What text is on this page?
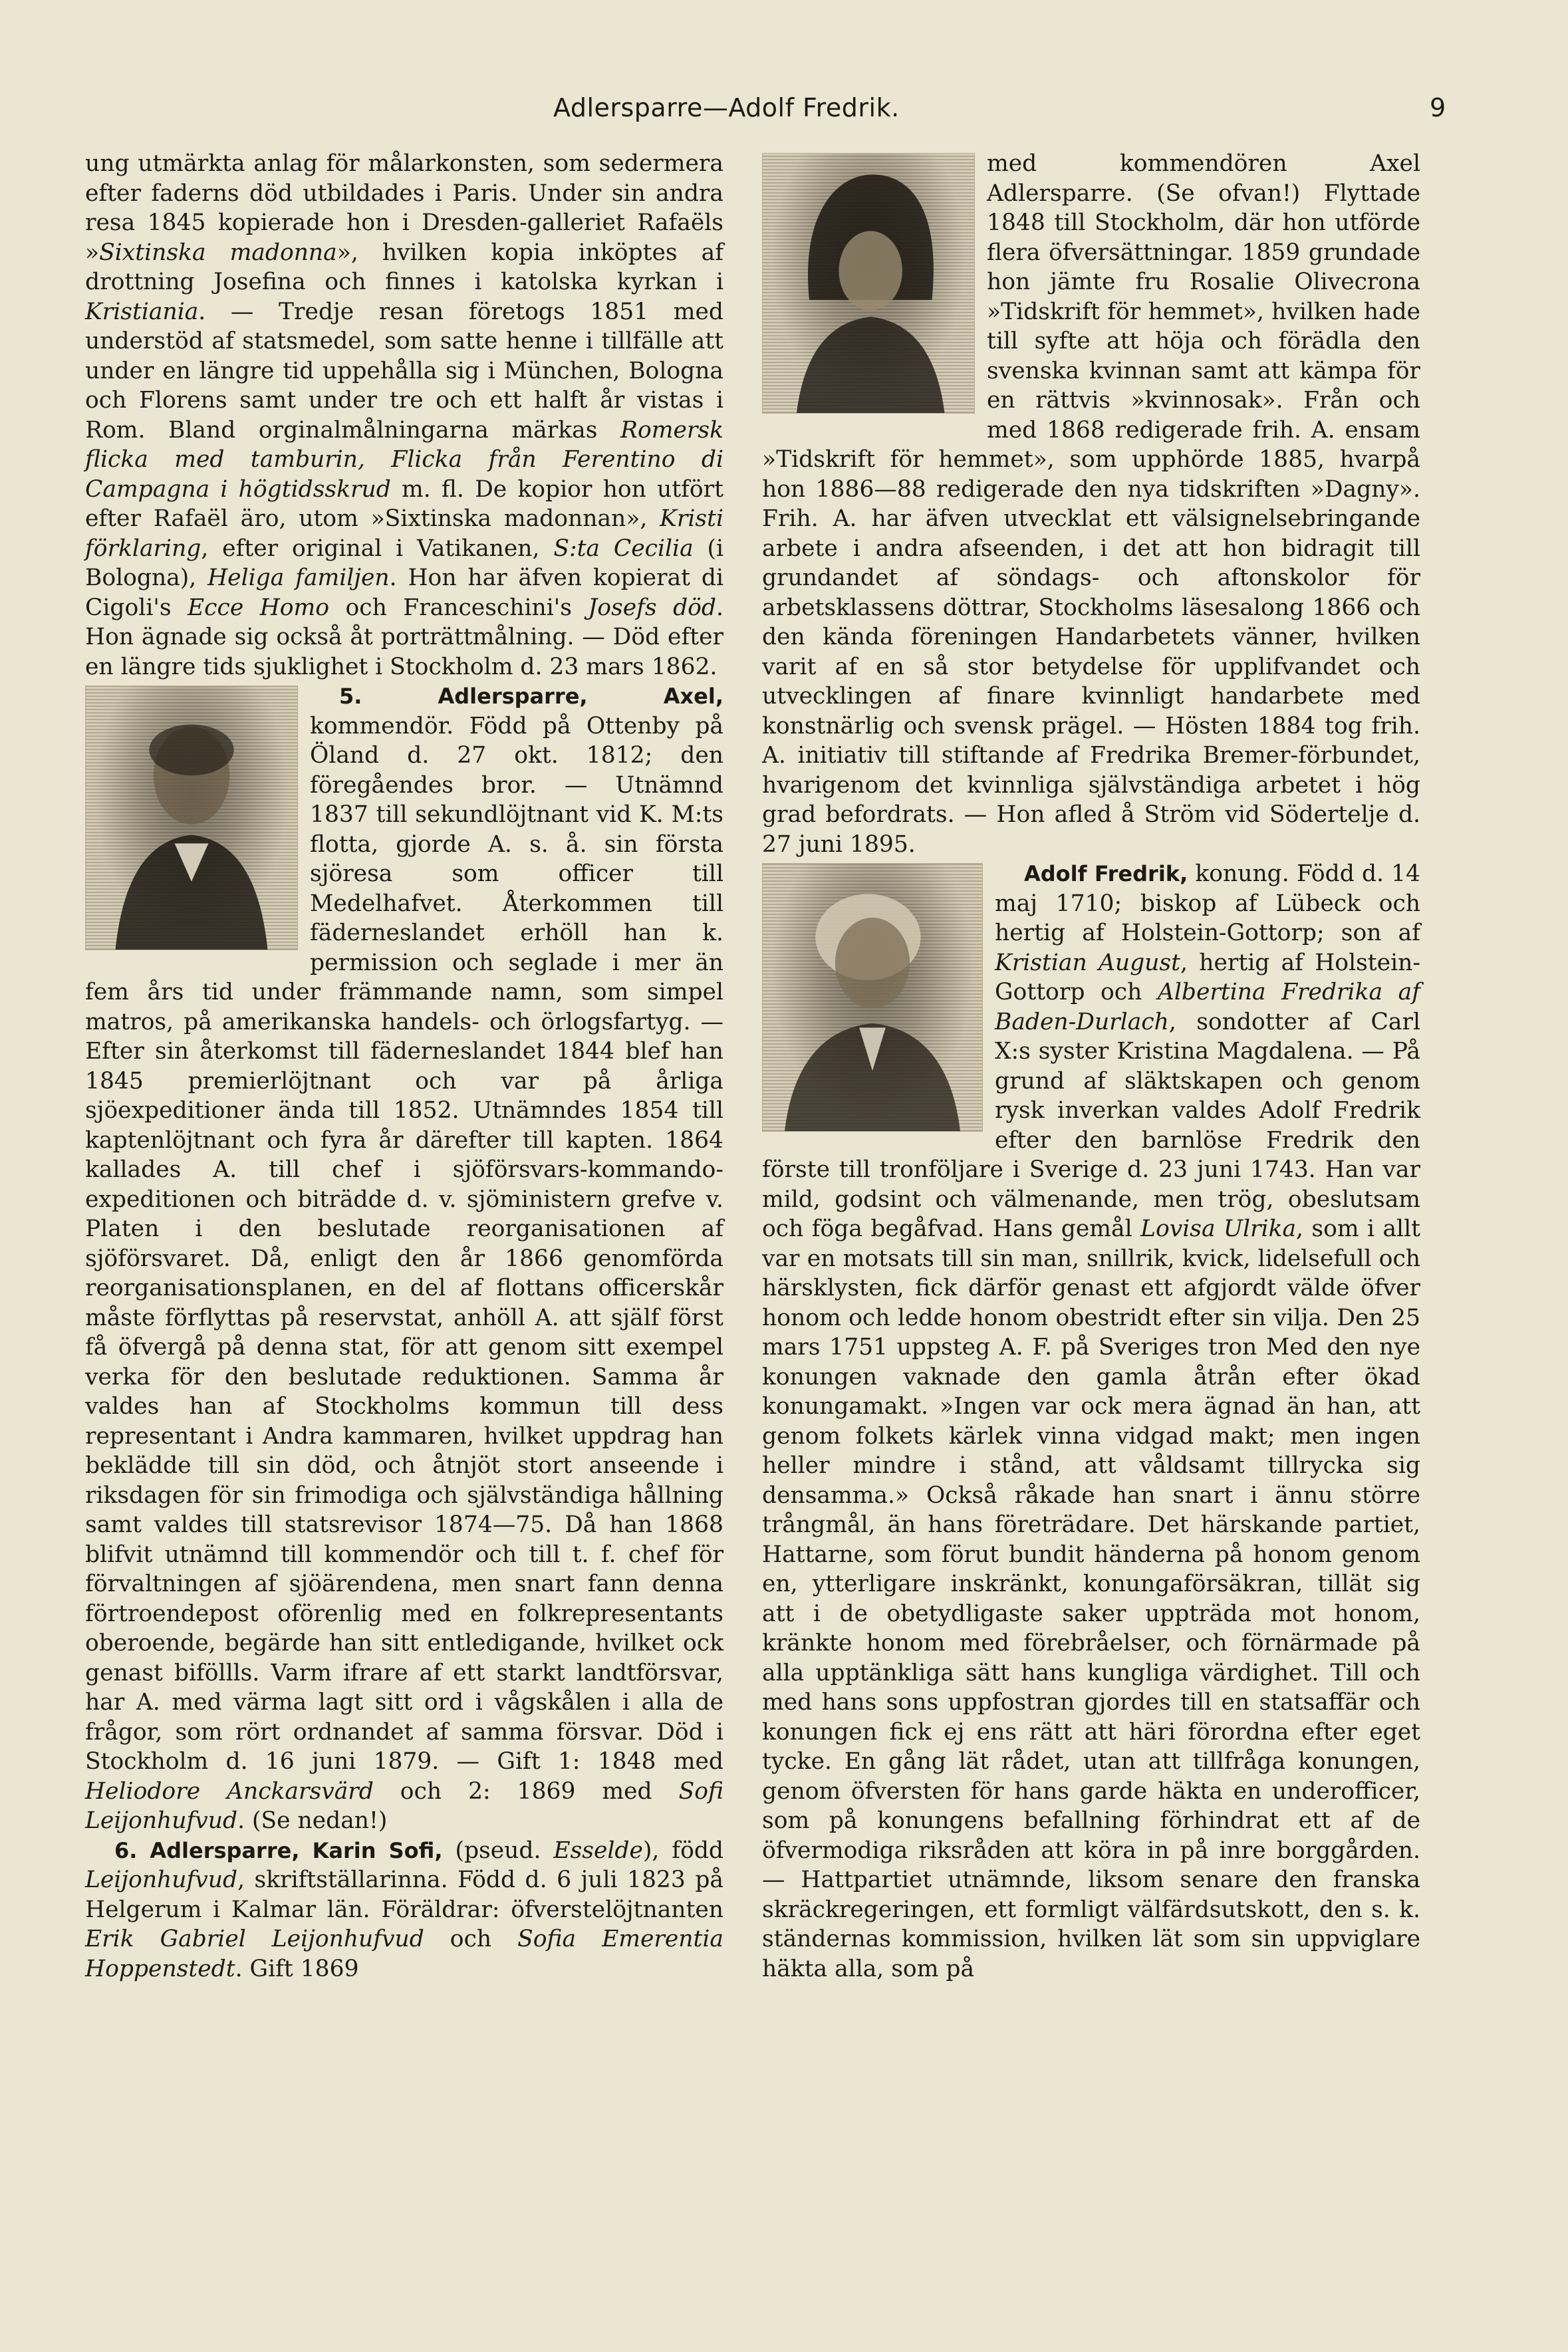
Adlersparre—Adolf Fredrik.	9

ung utmärkta anlag för målarkonsten, som sedermera efter faderns död utbildades i Paris. Under sin andra resa 1845 kopierade hon i Dresden-galleriet Rafaëls »Sixtinska madonna», hvilken kopia inköptes af drottning Josefina och finnes i katolska kyrkan i Kristiania. — Tredje resan företogs 1851 med understöd af statsmedel, som satte henne i tillfälle att under en längre tid uppehålla sig i München, Bologna och Florens samt under tre och ett halft år vistas i Rom. Bland orginalmålningarna märkas Romersk flicka med tamburin, Flicka från Ferentino di Campagna i högtidsskrud m. fl. De kopior hon utfört efter Rafaël äro, utom »Sixtinska madonnan», Kristi förklaring, efter original i Vatikanen, S:ta Cecilia (i Bologna), Heliga familjen. Hon har äfven kopierat di Cigoli's Ecce Homo och Franceschini's Josefs död. Hon ägnade sig också åt porträttmålning. — Död efter en längre tids sjuklighet i Stockholm d. 23 mars 1862.

5.	Adlersparre, Axel,
kommendör. Född på Ottenby på Öland d. 27 okt. 1812; den föregåendes bror. — Utnämnd 1837 till sekundlöjtnant vid K. M:ts flotta, gjorde A. s. å. sin första sjöresa som officer till Medelhafvet. Återkommen till fäderneslandet erhöll han k. permission och seglade i mer än fem års tid under främmande namn, som simpel matros, på amerikanska handels- och örlogsfartyg. — Efter sin återkomst till fäderneslandet 1844 blef han 1845 premierlöjtnant och var på årliga sjöexpeditioner ända till 1852. Utnämndes 1854 till kaptenlöjtnant och fyra år därefter till kapten. 1864 kallades A. till chef i sjöförsvars-kommando-expeditionen och biträdde d. v. sjöministern grefve v. Platen i den beslutade reorganisationen af sjöförsvaret. Då, enligt den år 1866 genomförda reorganisationsplanen, en del af flottans officerskår måste förflyttas på reservstat, anhöll A. att själf först få öfvergå på denna stat, för att genom sitt exempel verka för den beslutade reduktionen. Samma år valdes han af Stockholms kommun till dess representant i Andra kammaren, hvilket uppdrag han beklädde till sin död, och åtnjöt stort anseende i riksdagen för sin frimodiga och självständiga hållning samt valdes till statsrevisor 1874—75. Då han 1868 blifvit utnämnd till kommendör och till t. f. chef för förvaltningen af sjöärendena, men snart fann denna förtroendepost oförenlig med en folkrepresentants oberoende, begärde han sitt entledigande, hvilket ock genast biföllls. Varm ifrare af ett starkt landtförsvar, har A. med värma lagt sitt ord i vågskålen i alla de frågor, som rört ordnandet af samma försvar. Död i Stockholm d. 16 juni 1879. — Gift 1: 1848 med Heliodore Anckarsvärd och 2: 1869 med Sofi Leijonhufvud. (Se nedan!)

6. Adlersparre, Karin Sofi, (pseud. Esselde), född Leijonhufvud, skriftställarinna. Född d. 6 juli 1823 på Helgerum i Kalmar län. Föräldrar: öfverstelöjtnanten Erik Gabriel Leijonhufvud och Sofia Emerentia Hoppenstedt. Gift 1869

med kommendören Axel Adlersparre. (Se ofvan!) Flyttade 1848 till Stockholm, där hon utförde flera öfversättningar. 1859 grundade hon jämte fru Rosalie Olivecrona »Tidskrift för hemmet», hvilken hade till syfte att höja och förädla den svenska kvinnan samt att kämpa för en rättvis »kvinnosak». Från och med 1868 redigerade frih. A. ensam »Tidskrift för hemmet», som upphörde 1885, hvarpå hon 1886—88 redigerade den nya tidskriften »Dagny». Frih. A. har äfven utvecklat ett välsignelsebringande arbete i andra afseenden, i det att hon bidragit till grundandet af söndags- och aftonskolor för arbetsklassens döttrar, Stockholms läsesalong 1866 och den kända föreningen Handarbetets vänner, hvilken varit af en så stor betydelse för upplifvandet och utvecklingen af finare kvinnligt handarbete med konstnärlig och svensk prägel. — Hösten 1884 tog frih. A. initiativ till stiftande af Fredrika Bremer-förbundet, hvarigenom det kvinnliga självständiga arbetet i hög grad befordrats. — Hon afled å Ström vid Södertelje d. 27 juni 1895.

Adolf Fredrik,
konung. Född d. 14 maj 1710; biskop af Lübeck och hertig af Holstein-Gottorp; son af Kristian August, hertig af Holstein-Gottorp och Albertina Fredrika af Baden-Durlach, sondotter af Carl X:s syster Kristina Magdalena. — På grund af släktskapen och genom rysk inverkan valdes Adolf Fredrik efter den barnlöse Fredrik den förste till tronföljare i Sverige d. 23 juni 1743. Han var mild, godsint och välmenande, men trög, obeslutsam och föga begåfvad. Hans gemål Lovisa Ulrika, som i allt var en motsats till sin man, snillrik, kvick, lidelsefull och härsklysten, fick därför genast ett afgjordt välde öfver honom och ledde honom obestridt efter sin vilja. Den 25 mars 1751 uppsteg A. F. på Sveriges tron Med den nye konungen vaknade den gamla åtrån efter ökad konungamakt. »Ingen var ock mera ägnad än han, att genom folkets kärlek vinna vidgad makt; men ingen heller mindre i stånd, att våldsamt tillrycka sig densamma.» Också råkade han snart i ännu större trångmål, än hans företrädare. Det härskande partiet, Hattarne, som förut bundit händerna på honom genom en, ytterligare inskränkt, konungaförsäkran, tillät sig att i de obetydligaste saker uppträda mot honom, kränkte honom med förebråelser, och förnärmade på alla upptänkliga sätt hans kungliga värdighet. Till och med hans sons uppfostran gjordes till en statsaffär och konungen fick ej ens rätt att häri förordna efter eget tycke. En gång lät rådet, utan att tillfråga konungen, genom öfversten för hans garde häkta en underofficer, som på konungens befallning förhindrat ett af de öfvermodiga riksråden att köra in på inre borggården. — Hattpartiet utnämnde, liksom senare den franska skräckregeringen, ett formligt välfärdsutskott, den s. k. ständernas kommission, hvilken lät som sin uppviglare häkta alla, som på
